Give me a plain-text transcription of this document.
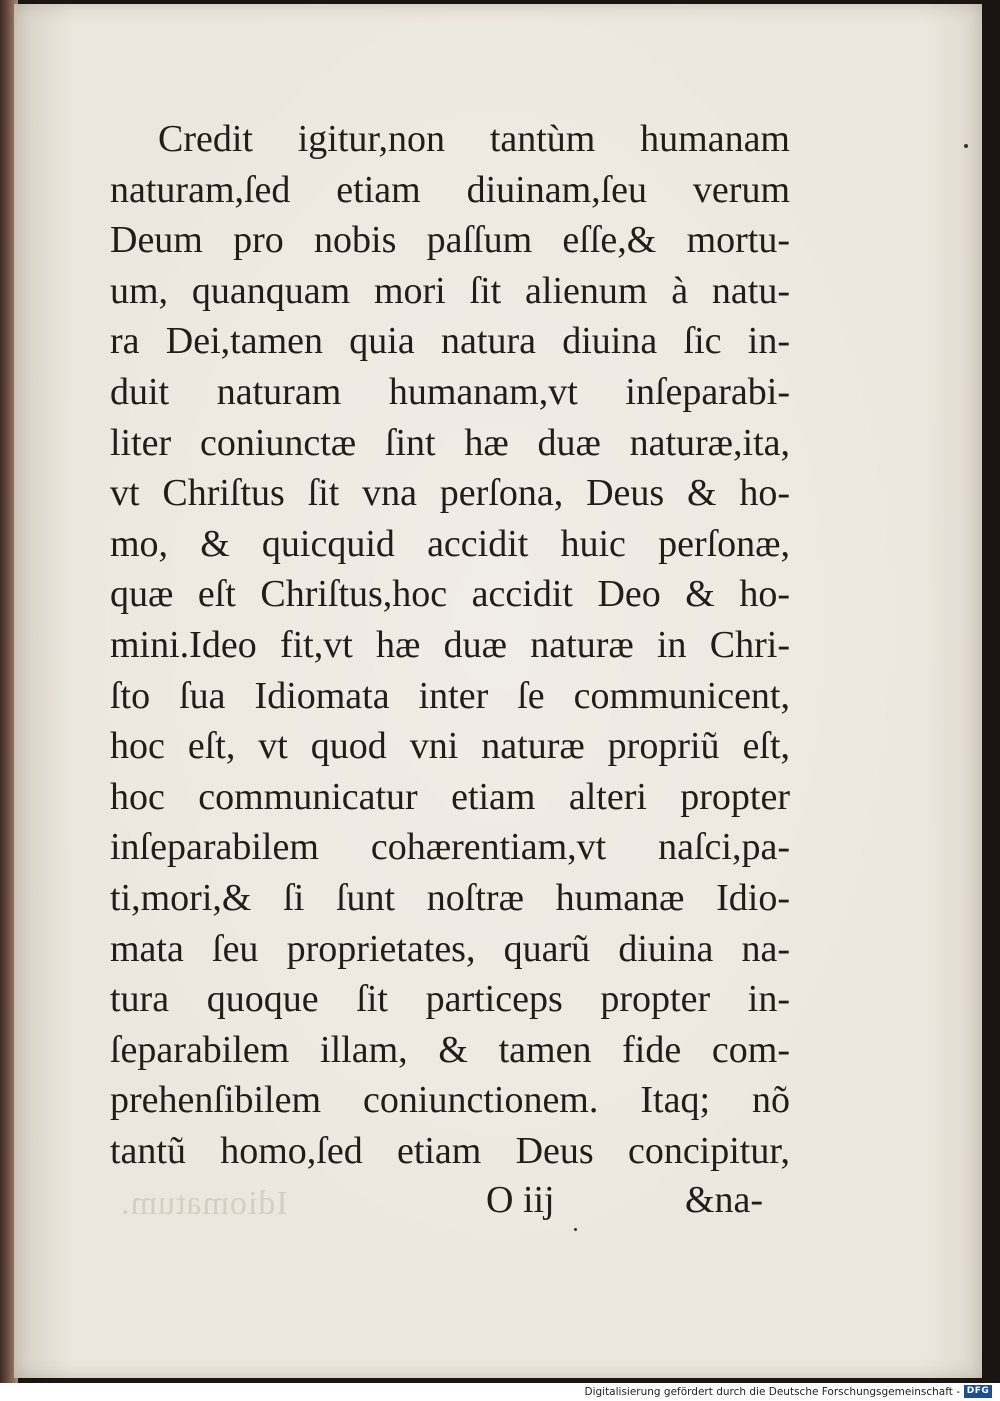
Credit igitur,non tantùm humanam
naturam,ſed etiam diuinam,ſeu verum
Deum pro nobis paſſum eſſe,& mortu-
um, quanquam mori ſit alienum à natu-
ra Dei,tamen quia natura diuina ſic in-
duit naturam humanam,vt inſeparabi-
liter coniunctæ ſint hæ duæ naturæ,ita,
vt Chriſtus ſit vna perſona, Deus & ho-
mo, & quicquid accidit huic perſonæ,
quæ eſt Chriſtus,hoc accidit Deo & ho-
mini.Ideo fit,vt hæ duæ naturæ in Chri-
ſto ſua Idiomata inter ſe communicent,
hoc eſt, vt quod vni naturæ propriũ eſt,
hoc communicatur etiam alteri propter
inſeparabilem cohærentiam,vt naſci,pa-
ti,mori,& ſi ſunt noſtræ humanæ Idio-
mata ſeu proprietates, quarũ diuina na-
tura quoque ſit particeps propter in-
ſeparabilem illam, & tamen fide com-
prehenſibilem coniunctionem. Itaq; nõ
tantũ homo,ſed etiam Deus concipitur,
Idiomatum.	O iij	&na-
Digitalisierung gefördert durch die Deutsche Forschungsgemeinschaft - DFG
